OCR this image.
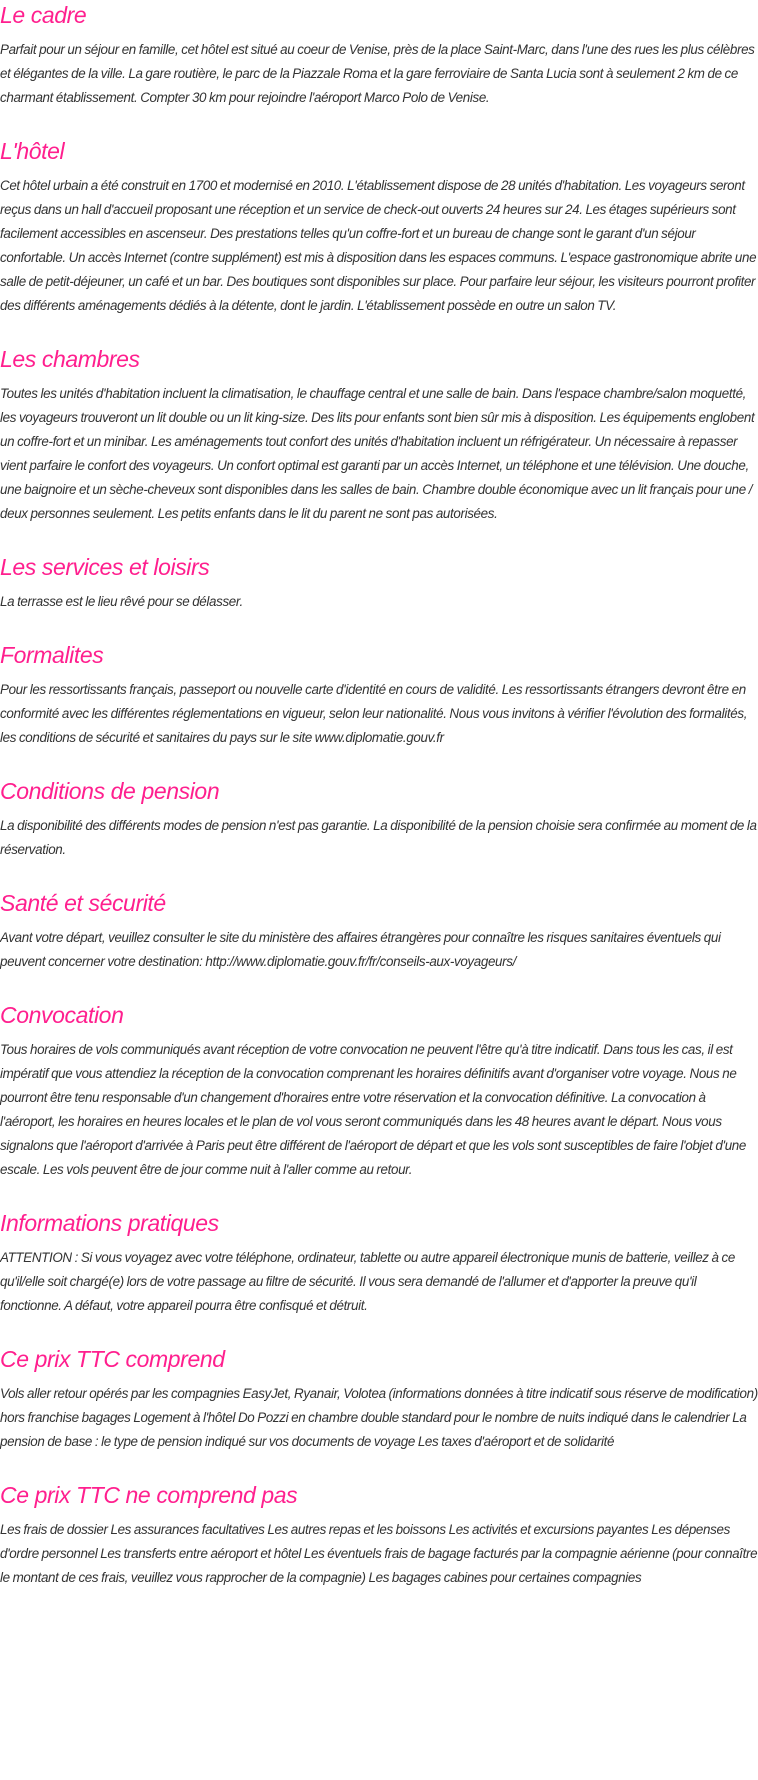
Le cadre

Parfait pour un séjour en famille, cet hôtel est situé au coeur de Venise, près de la place Saint-Marc, dans l'une des rues les plus célèbres et élégantes de la ville. La gare routière, le parc de la Piazzale Roma et la gare ferroviaire de Santa Lucia sont à seulement 2 km de ce charmant établissement. Compter 30 km pour rejoindre l'aéroport Marco Polo de Venise.

L'hôtel

Cet hôtel urbain a été construit en 1700 et modernisé en 2010. L'établissement dispose de 28 unités d'habitation. Les voyageurs seront reçus dans un hall d'accueil proposant une réception et un service de check-out ouverts 24 heures sur 24. Les étages supérieurs sont facilement accessibles en ascenseur. Des prestations telles qu'un coffre-fort et un bureau de change sont le garant d'un séjour confortable. Un accès Internet (contre supplément) est mis à disposition dans les espaces communs. L'espace gastronomique abrite une salle de petit-déjeuner, un café et un bar. Des boutiques sont disponibles sur place. Pour parfaire leur séjour, les visiteurs pourront profiter des différents aménagements dédiés à la détente, dont le jardin. L'établissement possède en outre un salon TV.

Les chambres

Toutes les unités d'habitation incluent la climatisation, le chauffage central et une salle de bain. Dans l'espace chambre/salon moquetté, les voyageurs trouveront un lit double ou un lit king-size. Des lits pour enfants sont bien sûr mis à disposition. Les équipements englobent un coffre-fort et un minibar. Les aménagements tout confort des unités d'habitation incluent un réfrigérateur. Un nécessaire à repasser vient parfaire le confort des voyageurs. Un confort optimal est garanti par un accès Internet, un téléphone et une télévision. Une douche, une baignoire et un sèche-cheveux sont disponibles dans les salles de bain. Chambre double économique avec un lit français pour une / deux personnes seulement. Les petits enfants dans le lit du parent ne sont pas autorisées.

Les services et loisirs

La terrasse est le lieu rêvé pour se délasser.

Formalites

Pour les ressortissants français, passeport ou nouvelle carte d'identité en cours de validité. Les ressortissants étrangers devront être en conformité avec les différentes réglementations en vigueur, selon leur nationalité. Nous vous invitons à vérifier l'évolution des formalités, les conditions de sécurité et sanitaires du pays sur le site www.diplomatie.gouv.fr

Conditions de pension

La disponibilité des différents modes de pension n'est pas garantie. La disponibilité de la pension choisie sera confirmée au moment de la réservation.

Santé et sécurité

Avant votre départ, veuillez consulter le site du ministère des affaires étrangères pour connaître les risques sanitaires éventuels qui peuvent concerner votre destination: http://www.diplomatie.gouv.fr/fr/conseils-aux-voyageurs/

Convocation

Tous horaires de vols communiqués avant réception de votre convocation ne peuvent l'être qu'à titre indicatif. Dans tous les cas, il est impératif que vous attendiez la réception de la convocation comprenant les horaires définitifs avant d'organiser votre voyage. Nous ne pourront être tenu responsable d'un changement d'horaires entre votre réservation et la convocation définitive. La convocation à l'aéroport, les horaires en heures locales et le plan de vol vous seront communiqués dans les 48 heures avant le départ. Nous vous signalons que l'aéroport d'arrivée à Paris peut être différent de l'aéroport de départ et que les vols sont susceptibles de faire l'objet d'une escale. Les vols peuvent être de jour comme nuit à l'aller comme au retour.

Informations pratiques

ATTENTION : Si vous voyagez avec votre téléphone, ordinateur, tablette ou autre appareil électronique munis de batterie, veillez à ce qu'il/elle soit chargé(e) lors de votre passage au filtre de sécurité. Il vous sera demandé de l'allumer et d'apporter la preuve qu'il fonctionne. A défaut, votre appareil pourra être confisqué et détruit.

Ce prix TTC comprend

Vols aller retour opérés par les compagnies EasyJet, Ryanair, Volotea (informations données à titre indicatif sous réserve de modification) hors franchise bagages Logement à l'hôtel Do Pozzi en chambre double standard pour le nombre de nuits indiqué dans le calendrier La pension de base : le type de pension indiqué sur vos documents de voyage Les taxes d'aéroport et de solidarité

Ce prix TTC ne comprend pas

Les frais de dossier Les assurances facultatives Les autres repas et les boissons Les activités et excursions payantes Les dépenses d'ordre personnel Les transferts entre aéroport et hôtel Les éventuels frais de bagage facturés par la compagnie aérienne (pour connaître le montant de ces frais, veuillez vous rapprocher de la compagnie) Les bagages cabines pour certaines compagnies
